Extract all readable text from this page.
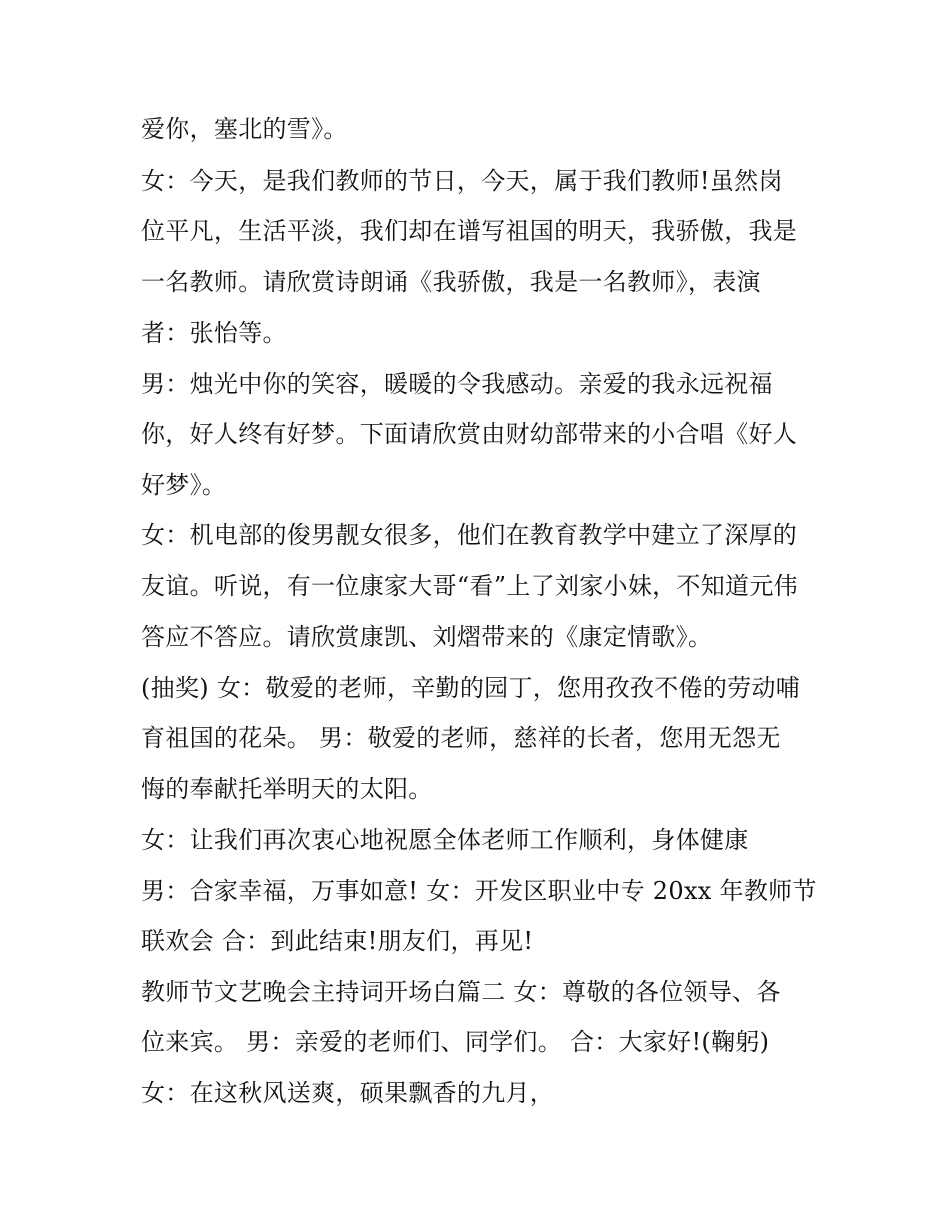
爱你，塞北的雪》。
女：今天，是我们教师的节日，今天，属于我们教师!虽然岗
位平凡，生活平淡，我们却在谱写祖国的明天，我骄傲，我是
一名教师。请欣赏诗朗诵《我骄傲，我是一名教师》，表演
者：张怡等。
男：烛光中你的笑容，暖暖的令我感动。亲爱的我永远祝福
你，好人终有好梦。下面请欣赏由财幼部带来的小合唱《好人
好梦》。
女：机电部的俊男靓女很多，他们在教育教学中建立了深厚的
友谊。听说，有一位康家大哥“看”上了刘家小妹，不知道元伟
答应不答应。请欣赏康凯、刘熠带来的《康定情歌》。
(抽奖) 女：敬爱的老师，辛勤的园丁，您用孜孜不倦的劳动哺
育祖国的花朵。 男：敬爱的老师，慈祥的长者，您用无怨无
悔的奉献托举明天的太阳。
女：让我们再次衷心地祝愿全体老师工作顺利，身体健康
男：合家幸福，万事如意! 女：开发区职业中专 20xx 年教师节
联欢会 合：到此结束!朋友们，再见!
教师节文艺晚会主持词开场白篇二 女：尊敬的各位领导、各
位来宾。 男：亲爱的老师们、同学们。 合：大家好!(鞠躬)
女：在这秋风送爽，硕果飘香的九月，
